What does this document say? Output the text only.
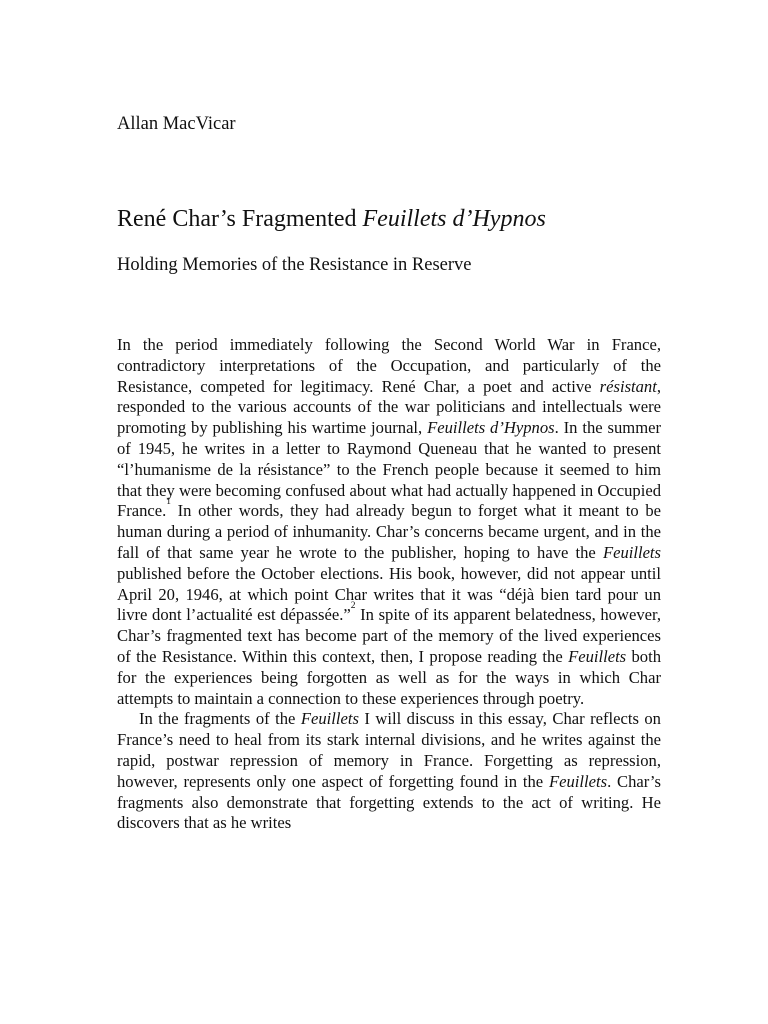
Allan MacVicar

René Char’s Fragmented Feuillets d’Hypnos

Holding Memories of the Resistance in Reserve

In the period immediately following the Second World War in France, contradictory interpretations of the Occupation, and particularly of the Resistance, competed for legitimacy. René Char, a poet and active résistant, responded to the various accounts of the war politicians and intellectuals were promoting by publishing his wartime journal, Feuillets d’Hypnos. In the summer of 1945, he writes in a letter to Raymond Queneau that he wanted to present “l’humanisme de la résistance” to the French people because it seemed to him that they were becoming confused about what had actually happened in Occupied France.$^1$ In other words, they had already begun to forget what it meant to be human during a period of inhumanity. Char’s concerns became urgent, and in the fall of that same year he wrote to the publisher, hoping to have the Feuillets published before the October elections. His book, however, did not appear until April 20, 1946, at which point Char writes that it was “déjà bien tard pour un livre dont l’actualité est dépassée.”$^2$ In spite of its apparent belatedness, however, Char’s fragmented text has become part of the memory of the lived experiences of the Resistance. Within this context, then, I propose reading the Feuillets both for the experiences being forgotten as well as for the ways in which Char attempts to maintain a connection to these experiences through poetry.

In the fragments of the Feuillets I will discuss in this essay, Char reflects on France’s need to heal from its stark internal divisions, and he writes against the rapid, postwar repression of memory in France. Forgetting as repression, however, represents only one aspect of forgetting found in the Feuillets. Char’s fragments also demonstrate that forgetting extends to the act of writing. He discovers that as he writes
